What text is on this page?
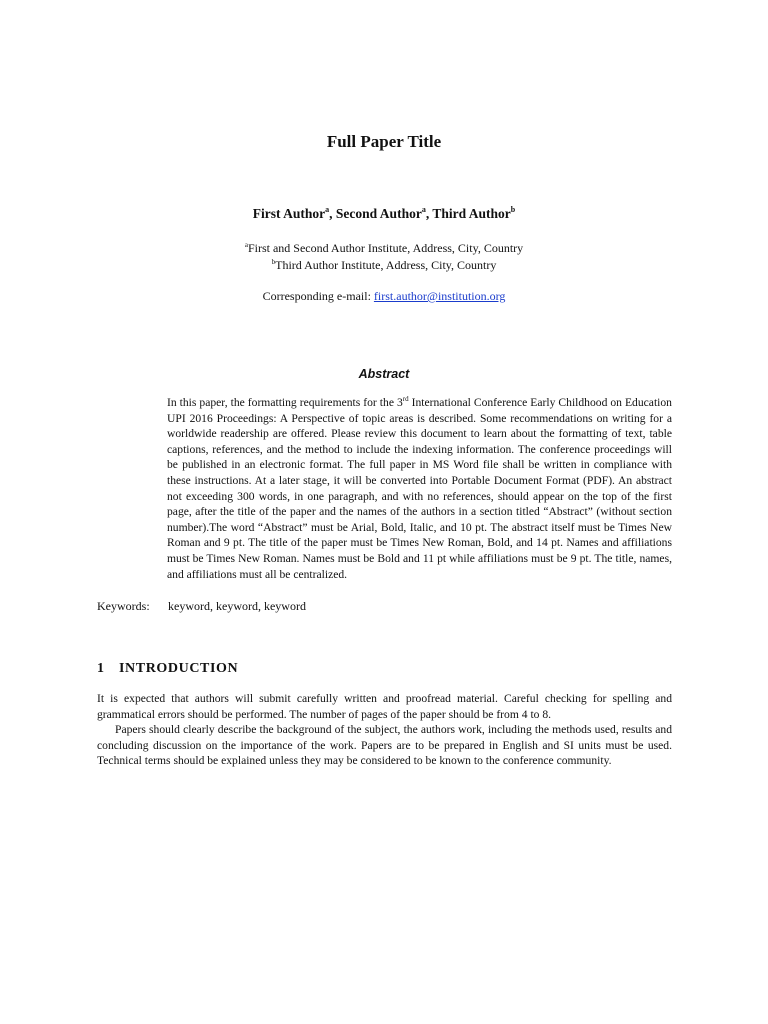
Full Paper Title
First Author$^a$, Second Author$^a$, Third Author$^b$
$^a$First and Second Author Institute, Address, City, Country
$^b$Third Author Institute, Address, City, Country
Corresponding e-mail: first.author@institution.org
Abstract
In this paper, the formatting requirements for the 3rd International Conference Early Childhood on Education UPI 2016 Proceedings: A Perspective of topic areas is described. Some recommendations on writing for a worldwide readership are offered. Please review this document to learn about the formatting of text, table captions, references, and the method to include the indexing information. The conference proceedings will be published in an electronic format. The full paper in MS Word file shall be written in compliance with these instructions. At a later stage, it will be converted into Portable Document Format (PDF). An abstract not exceeding 300 words, in one paragraph, and with no references, should appear on the top of the first page, after the title of the paper and the names of the authors in a section titled “Abstract” (without section number).The word “Abstract” must be Arial, Bold, Italic, and 10 pt. The abstract itself must be Times New Roman and 9 pt. The title of the paper must be Times New Roman, Bold, and 14 pt. Names and affiliations must be Times New Roman. Names must be Bold and 11 pt while affiliations must be 9 pt. The title, names, and affiliations must all be centralized.
Keywords: keyword, keyword, keyword
1 INTRODUCTION

It is expected that authors will submit carefully written and proofread material. Careful checking for spelling and grammatical errors should be performed. The number of pages of the paper should be from 4 to 8.

Papers should clearly describe the background of the subject, the authors work, including the methods used, results and concluding discussion on the importance of the work. Papers are to be prepared in English and SI units must be used. Technical terms should be explained unless they may be considered to be known to the conference community.
